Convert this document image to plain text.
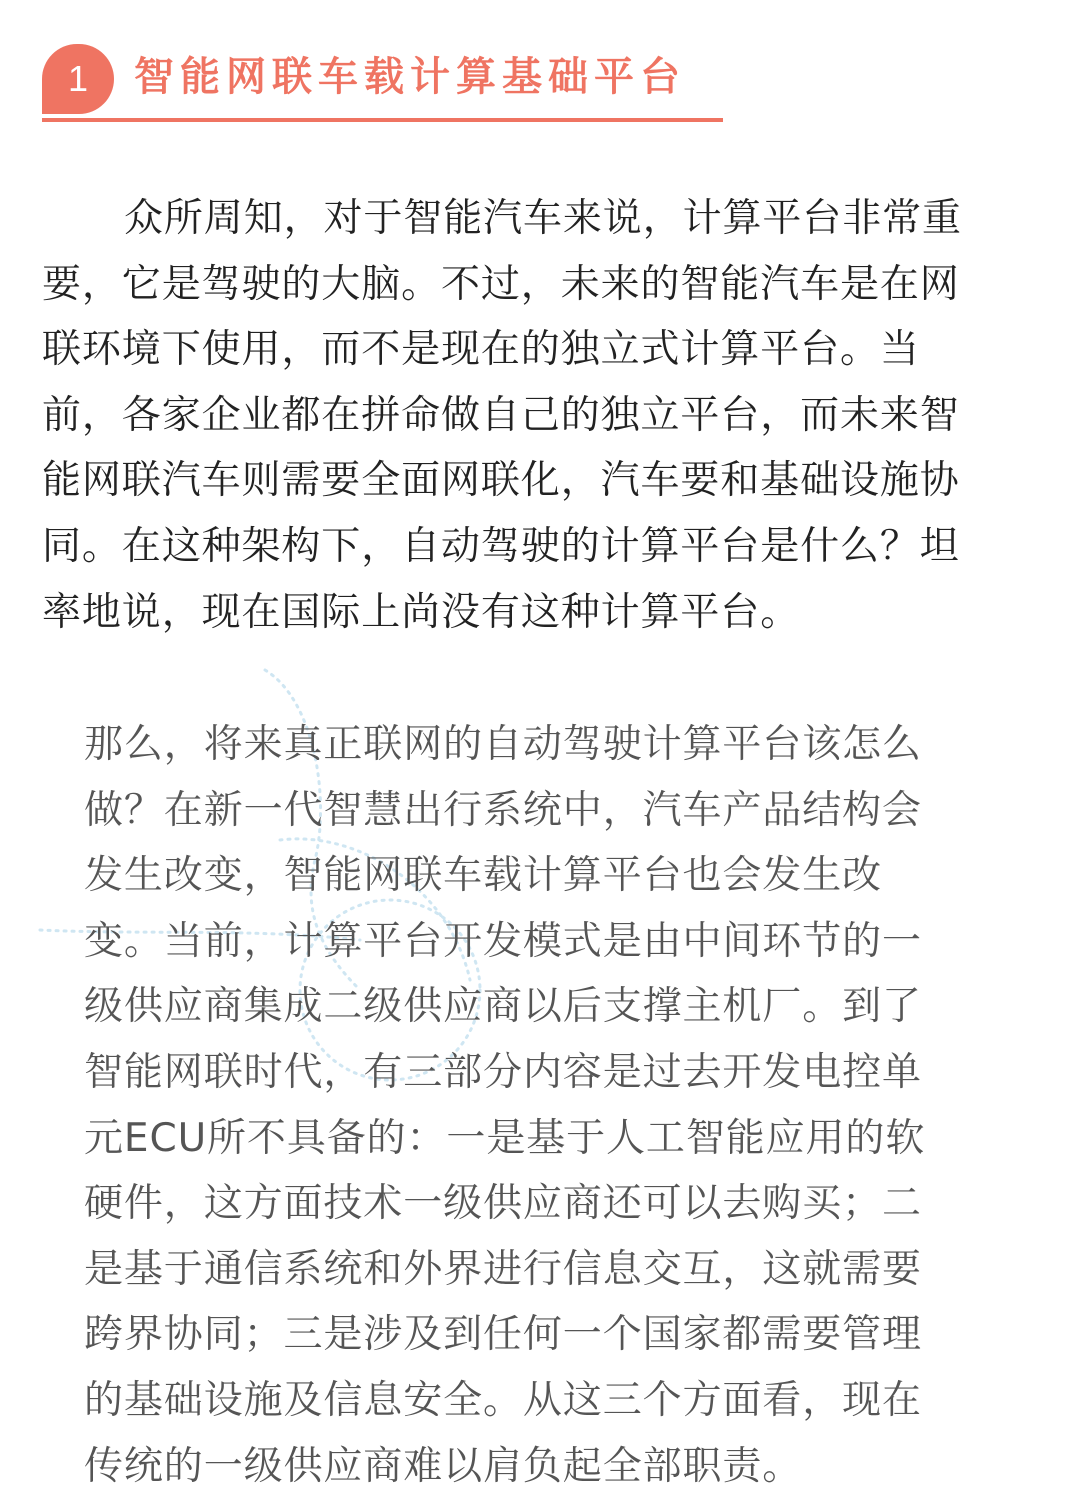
1	智能网联车载计算基础平台
众所周知，对于智能汽车来说，计算平台非常重
要，它是驾驶的大脑。不过，未来的智能汽车是在网
联环境下使用，而不是现在的独立式计算平台。当
前，各家企业都在拼命做自己的独立平台，而未来智
能网联汽车则需要全面网联化，汽车要和基础设施协
同。在这种架构下，自动驾驶的计算平台是什么？坦
率地说，现在国际上尚没有这种计算平台。
那么，将来真正联网的自动驾驶计算平台该怎么
做？在新一代智慧出行系统中，汽车产品结构会
发生改变，智能网联车载计算平台也会发生改
变。当前，计算平台开发模式是由中间环节的一
级供应商集成二级供应商以后支撑主机厂。到了
智能网联时代，有三部分内容是过去开发电控单
元ECU所不具备的：一是基于人工智能应用的软
硬件，这方面技术一级供应商还可以去购买；二
是基于通信系统和外界进行信息交互，这就需要
跨界协同；三是涉及到任何一个国家都需要管理
的基础设施及信息安全。从这三个方面看，现在
传统的一级供应商难以肩负起全部职责。
